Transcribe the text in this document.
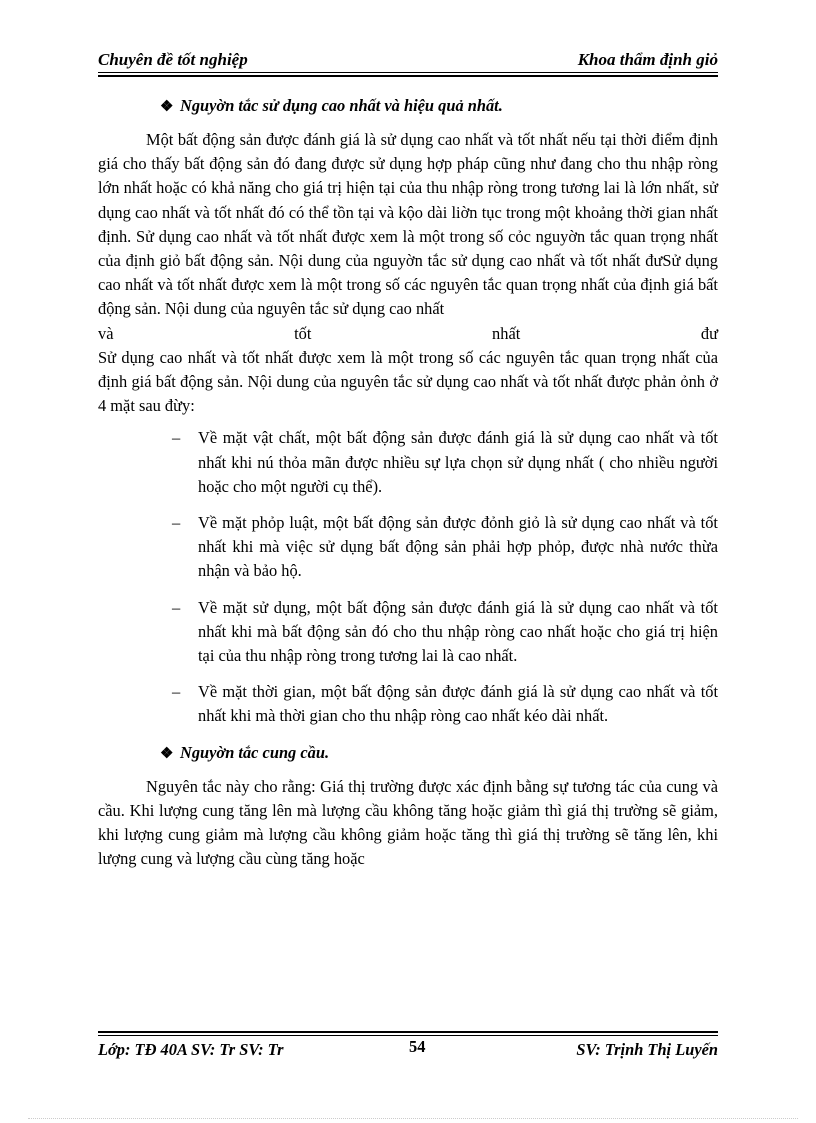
Chuyên đề tốt nghiệp	Khoa thẩm định giỏ
❖ Nguyờn tắc sử dụng cao nhất và hiệu quả nhất.

Một bất động sản được đánh giá là sử dụng cao nhất và tốt nhất nếu tại thời điểm định giá cho thấy bất động sản đó đang được sử dụng hợp pháp cũng như đang cho thu nhập ròng lớn nhất hoặc có khả năng cho giá trị hiện tại của thu nhập ròng trong tương lai là lớn nhất, sử dụng cao nhất và tốt nhất đó có thể tồn tại và kộo dài liờn tục trong một khoảng thời gian nhất định. Sử dụng cao nhất và tốt nhất được xem là một trong số cỏc nguyờn tắc quan trọng nhất của định giỏ bất động sản. Nội dung của nguyờn tắc sử dụng cao nhất và tốt nhất đưSử dụng cao nhất và tốt nhất được xem là một trong số các nguyên tắc quan trọng nhất của định giá bất động sản. Nội dung của nguyên tắc sử dụng cao nhất

và	tốt	nhất	đư

Sử dụng cao nhất và tốt nhất được xem là một trong số các nguyên tắc quan trọng nhất của định giá bất động sản. Nội dung của nguyên tắc sử dụng cao nhất và tốt nhất được phản ỏnh ở 4 mặt sau đừy:

– Về mặt vật chất, một bất động sản được đánh giá là sử dụng cao nhất và tốt nhất khi nú thỏa mãn được nhiều sự lựa chọn sử dụng nhất ( cho nhiều người hoặc cho một người cụ thể).
– Về mặt phỏp luật, một bất động sản được đỏnh giỏ là sử dụng cao nhất và tốt nhất khi mà việc sử dụng bất động sản phải hợp phỏp, được nhà nước thừa nhận và bảo hộ.
– Về mặt sử dụng, một bất động sản được đánh giá là sử dụng cao nhất và tốt nhất khi mà bất động sản đó cho thu nhập ròng cao nhất hoặc cho giá trị hiện tại của thu nhập ròng trong tương lai là cao nhất.
– Về mặt thời gian, một bất động sản được đánh giá là sử dụng cao nhất và tốt nhất khi mà thời gian cho thu nhập ròng cao nhất kéo dài nhất.
❖ Nguyờn tắc cung cầu.

Nguyên tắc này cho rằng: Giá thị trường được xác định bằng sự tương tác của cung và cầu. Khi lượng cung tăng lên mà lượng cầu không tăng hoặc giảm thì giá thị trường sẽ giảm, khi lượng cung giảm mà lượng cầu không giảm hoặc tăng thì giá thị trường sẽ tăng lên, khi lượng cung và lượng cầu cùng tăng hoặc

Lớp: TĐ 40A SV: Tr SV: Tr	54	SV: Trịnh Thị Luyến
